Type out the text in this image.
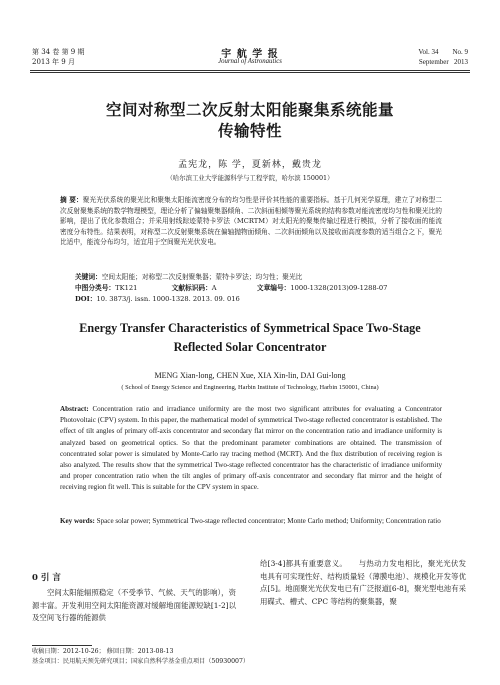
第 34 卷 第 9 期
2013 年 9 月
宇 航 学 报
Journal of Astronautics
Vol. 34        No. 9
September   2013
空间对称型二次反射太阳能聚集系统能量
传输特性
孟宪龙，陈 学，夏新林，戴贵龙
（哈尔滨工业大学能源科学与工程学院，哈尔滨 150001）
摘 要：聚光光伏系统的聚光比和聚集太阳能流密度分布的均匀性是评价其性能的重要指标。基于几何光学原理，建立了对称型二次反射聚集系统的数学物理模型，理论分析了偏轴聚集器倾角、二次斜面相倾等聚光系统的结构参数对能流密度均匀性和聚光比的影响，提出了优化参数组合；并采用射线踪迹蒙特卡罗法（MCRTM）对太阳光的聚集传输过程进行模拟，分析了接收面的能流密度分布特性。结果表明，对称型二次反射聚集系统在偏轴抛物面倾角、二次斜面倾角以及接收面高度参数的适当组合之下，聚光比适中，能流分布均匀，适宜用于空间聚光光伏发电。
关键词：空间太阳能；对称型二次反射聚集器；蒙特卡罗法；均匀性；聚光比
中图分类号：TK121	文献标识码：A	文章编号：1000-1328(2013)09-1288-07
DOI：10. 3873/j. issn. 1000-1328. 2013. 09. 016
Energy Transfer Characteristics of Symmetrical Space Two-Stage
Reflected Solar Concentrator
MENG Xian-long, CHEN Xue, XIA Xin-lin, DAI Gui-long
( School of Energy Science and Engineering, Harbin Institute of Technology, Harbin 150001, China)
Abstract: Concentration ratio and irradiance uniformity are the most two significant attributes for evaluating a Concentrator Photovoltaic (CPV) system. In this paper, the mathematical model of symmetrical Two-stage reflected concentrator is established. The effect of tilt angles of primary off-axis concentrator and secondary flat mirror on the concentration ratio and irradiance uniformity is analyzed based on geometrical optics. So that the predominant parameter combinations are obtained. The transmission of concentrated solar power is simulated by Monte-Carlo ray tracing method (MCRT). And the flux distribution of receiving region is also analyzed. The results show that the symmetrical Two-stage reflected concentrator has the characteristic of irradiance uniformity and proper concentration ratio when the tilt angles of primary off-axis concentrator and secondary flat mirror and the height of receiving region fit well. This is suitable for the CPV system in space.
Key words: Space solar power; Symmetrical Two-stage reflected concentrator; Monte Carlo method; Uniformity; Concentration ratio
0 引 言
空间太阳能辐照稳定（不受季节、气候、天气的影响），资源丰富。开发利用空间太阳能资源对缓解地面能源短缺[1-2]以及空间飞行器的能源供
给[3-4]都具有重要意义。　　与热动力发电相比，聚光光伏发电具有可实现性好、结构质量轻（薄膜电池）、规模化开发等优点[5]。地面聚光光伏发电已有广泛报道[6-8]，聚光型电池有采用碟式、槽式、CPC 等结构的聚集器，聚
收稿日期：2012-10-26； 修回日期：2013-08-13
基金项目：民用航天预先研究项目；国家自然科学基金重点项目（50930007）
